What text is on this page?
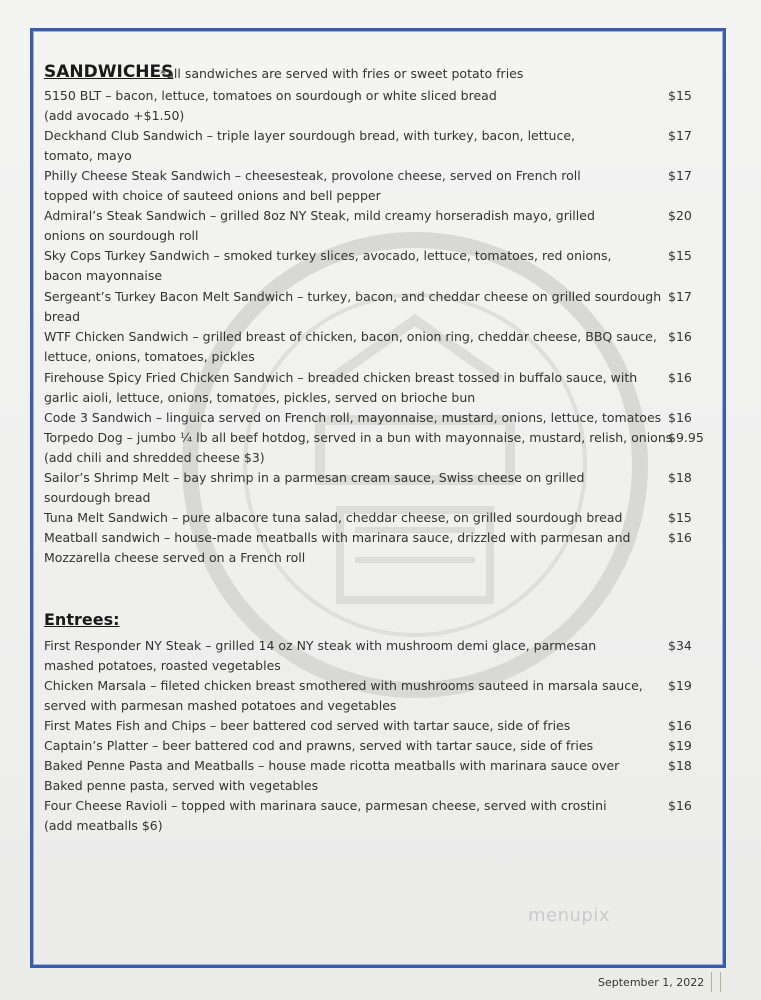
SANDWICHES
*all sandwiches are served with fries or sweet potato fries
5150 BLT – bacon, lettuce, tomatoes on sourdough or white sliced bread
(add avocado +$1.50)
$15
Deckhand Club Sandwich – triple layer sourdough bread, with turkey, bacon, lettuce,
tomato, mayo
$17
Philly Cheese Steak Sandwich – cheesesteak, provolone cheese, served on French roll
topped with choice of sauteed onions and bell pepper
$17
Admiral’s Steak Sandwich – grilled 8oz NY Steak, mild creamy horseradish mayo, grilled
onions on sourdough roll
$20
Sky Cops Turkey Sandwich – smoked turkey slices, avocado, lettuce, tomatoes, red onions,
bacon mayonnaise
$15
Sergeant’s Turkey Bacon Melt Sandwich – turkey, bacon, and cheddar cheese on grilled sourdough
bread
$17
WTF Chicken Sandwich – grilled breast of chicken, bacon, onion ring, cheddar cheese, BBQ sauce,
lettuce, onions, tomatoes, pickles
$16
Firehouse Spicy Fried Chicken Sandwich – breaded chicken breast tossed in buffalo sauce, with
garlic aioli, lettuce, onions, tomatoes, pickles, served on brioche bun
$16
Code 3 Sandwich – linguica served on French roll, mayonnaise, mustard, onions, lettuce, tomatoes $16
Torpedo Dog – jumbo ¼ lb all beef hotdog, served in a bun with mayonnaise, mustard, relish, onions
(add chili and shredded cheese $3)
$9.95
Sailor’s Shrimp Melt – bay shrimp in a parmesan cream sauce, Swiss cheese on grilled
sourdough bread
$18
Tuna Melt Sandwich – pure albacore tuna salad, cheddar cheese, on grilled sourdough bread	$15
Meatball sandwich – house-made meatballs with marinara sauce, drizzled with parmesan and
Mozzarella cheese served on a French roll
$16
Entrees:
First Responder NY Steak – grilled 14 oz NY steak with mushroom demi glace, parmesan
mashed potatoes, roasted vegetables
$34
Chicken Marsala – fileted chicken breast smothered with mushrooms sauteed in marsala sauce,
served with parmesan mashed potatoes and vegetables
$19
First Mates Fish and Chips – beer battered cod served with tartar sauce, side of fries	$16
Captain’s Platter – beer battered cod and prawns, served with tartar sauce, side of fries	$19
Baked Penne Pasta and Meatballs – house made ricotta meatballs with marinara sauce over
Baked penne pasta, served with vegetables
$18
Four Cheese Ravioli – topped with marinara sauce, parmesan cheese, served with crostini
(add meatballs $6)
$16
menupix
September 1, 2022
